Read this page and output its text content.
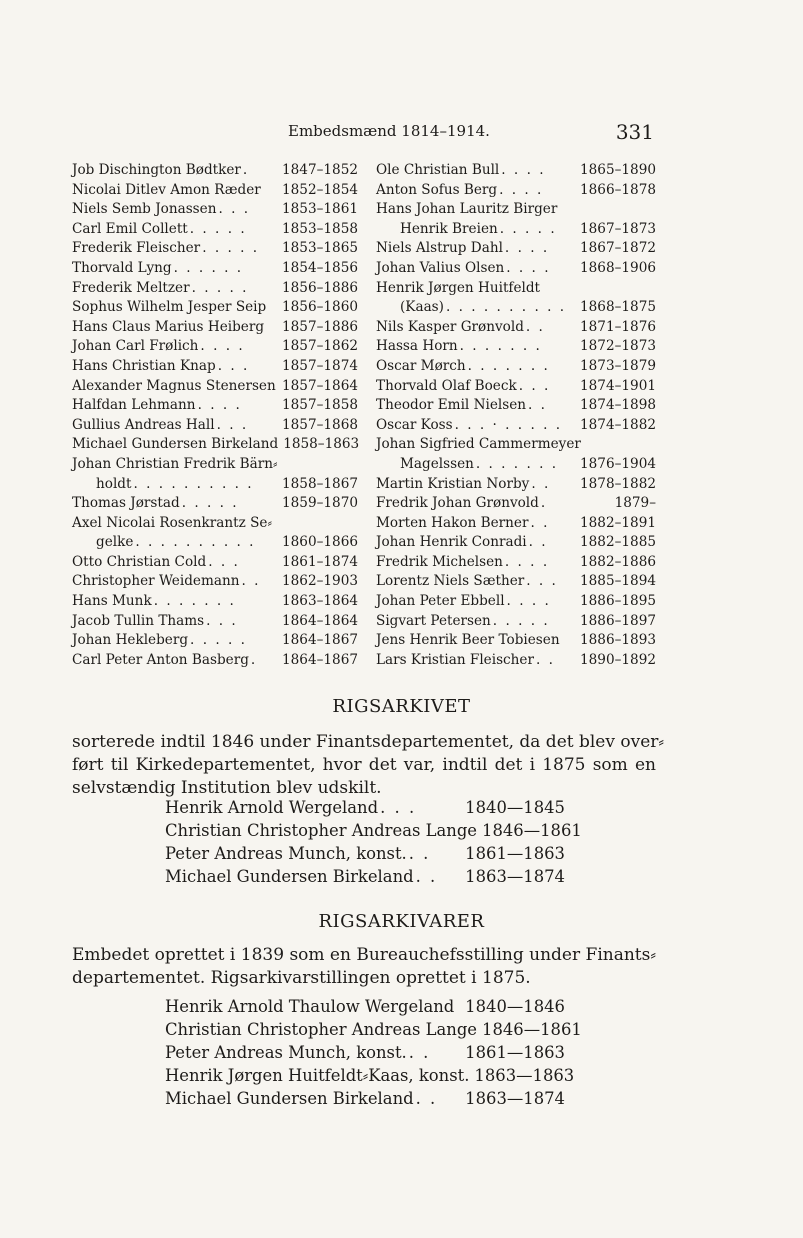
Embedsmænd 1814–1914.	331
Job Dischington Bødtker .	1847–1852
Nicolai Ditlev Amon Ræder 1852–1854
Niels Semb Jonassen . . .	1853–1861
Carl Emil Collett . . . . .	1853–1858
Frederik Fleischer . . . . .	1853–1865
Thorvald Lyng . . . . . .	1854–1856
Frederik Meltzer . . . . .	1856–1886
Sophus Wilhelm Jesper Seip 1856–1860
Hans Claus Marius Heiberg 1857–1886
Johan Carl Frølich . . . .	1857–1862
Hans Christian Knap . . .	1857–1874
Alexander Magnus Stenersen 1857–1864
Halfdan Lehmann . . . .	1857–1858
Gullius Andreas Hall . . .	1857–1868
Michael Gundersen Birkeland 1858–1863
Johan Christian Fredrik Bärn⸗
holdt . . . . . . . . . .	1858–1867
Thomas Jørstad . . . . .	1859–1870
Axel Nicolai Rosenkrantz Se⸗
gelke . . . . . . . . . .	1860–1866
Otto Christian Cold . . .	1861–1874
Christopher Weidemann . .	1862–1903
Hans Munk . . . . . . .	1863–1864
Jacob Tullin Thams . . .	1864–1864
Johan Hekleberg . . . . .	1864–1867
Carl Peter Anton Basberg .	1864–1867
Ole Christian Bull . . . .	1865–1890
Anton Sofus Berg . . . .	1866–1878
Hans Johan Lauritz Birger
Henrik Breien . . . . .	1867–1873
Niels Alstrup Dahl . . . .	1867–1872
Johan Valius Olsen . . . .	1868–1906
Henrik Jørgen Huitfeldt
(Kaas) . . . . . . . . . .	1868–1875
Nils Kasper Grønvold . .	1871–1876
Hassa Horn . . . . . . .	1872–1873
Oscar Mørch . . . . . . .	1873–1879
Thorvald Olaf Boeck . . .	1874–1901
Theodor Emil Nielsen . .	1874–1898
Oscar Koss . . . · . . . . .	1874–1882
Johan Sigfried Cammermeyer
Magelssen . . . . . . .	1876–1904
Martin Kristian Norby . .	1878–1882
Fredrik Johan Grønvold .	1879–
Morten Hakon Berner . .	1882–1891
Johan Henrik Conradi . .	1882–1885
Fredrik Michelsen . . . .	1882–1886
Lorentz Niels Sæther . . .	1885–1894
Johan Peter Ebbell . . . .	1886–1895
Sigvart Petersen . . . . .	1886–1897
Jens Henrik Beer Tobiesen 1886–1893
Lars Kristian Fleischer . .	1890–1892
RIGSARKIVET
sorterede indtil 1846 under Finantsdepartementet, da det blev over⸗
ført til Kirkedepartementet, hvor det var, indtil det i 1875 som en
selvstændig Institution blev udskilt.
Henrik Arnold Wergeland . . .	1840—1845
Christian Christopher Andreas Lange 1846—1861
Peter Andreas Munch, konst. . .	1861—1863
Michael Gundersen Birkeland . .	1863—1874
RIGSARKIVARER
Embedet oprettet i 1839 som en Bureauchefsstilling under Finants⸗
departementet. Rigsarkivarstillingen oprettet i 1875.
Henrik Arnold Thaulow Wergeland 1840—1846
Christian Christopher Andreas Lange 1846—1861
Peter Andreas Munch, konst. . .	1861—1863
Henrik Jørgen Huitfeldt⸗Kaas, konst. 1863—1863
Michael Gundersen Birkeland . .	1863—1874
